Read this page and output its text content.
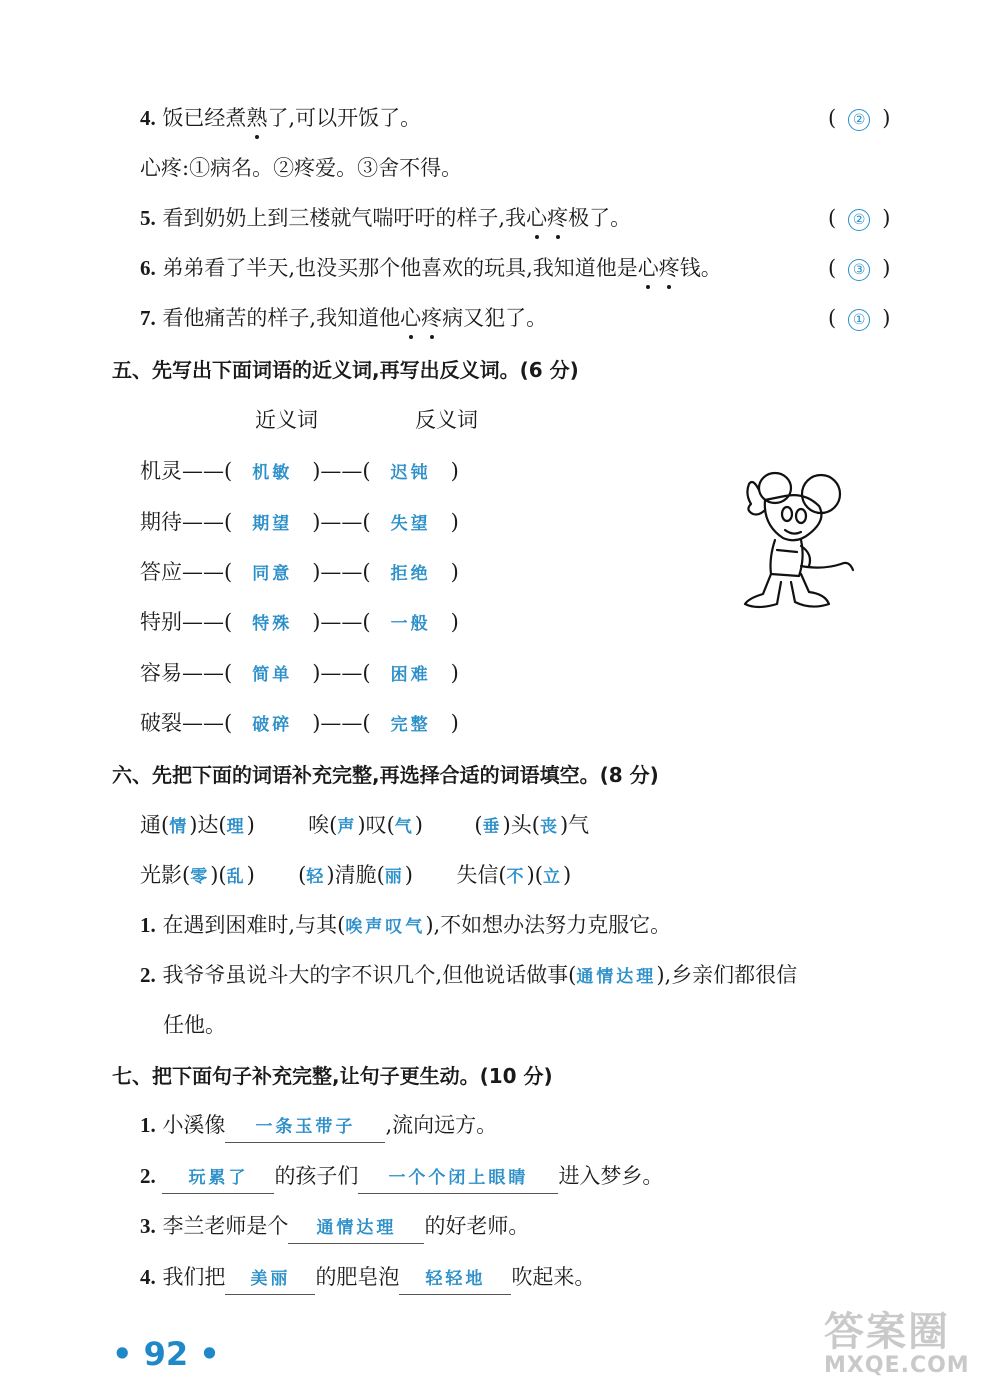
4. 饭已经煮熟了,可以开饭了。	( ② )
心疼:①病名。②疼爱。③舍不得。
5. 看到奶奶上到三楼就气喘吁吁的样子,我心疼极了。	( ② )
6. 弟弟看了半天,也没买那个他喜欢的玩具,我知道他是心疼钱。	( ③ )
7. 看他痛苦的样子,我知道他心疼病又犯了。	( ① )
五、先写出下面词语的近义词,再写出反义词。(6 分)
近义词	反义词
机灵——( 机敏 )——( 迟钝 )
期待——( 期望 )——( 失望 )
答应——( 同意 )——( 拒绝 )
特别——( 特殊 )——( 一般 )
容易——( 简单 )——( 困难 )
破裂——( 破碎 )——( 完整 )
六、先把下面的词语补充完整,再选择合适的词语填空。(8 分)
通(情)达(理)	唉(声)叹(气) (垂)头(丧)气
光影(零)(乱) (轻)清脆(丽) 失信(不)(立)
1. 在遇到困难时,与其(唉声叹气),不如想办法努力克服它。
2. 我爷爷虽说斗大的字不识几个,但他说话做事(通情达理),乡亲们都很信
任他。
七、把下面句子补充完整,让句子更生动。(10 分)
1. 小溪像 一条玉带子 ,流向远方。
2. 玩累了 的孩子们 一个个闭上眼睛 进入梦乡。
3. 李兰老师是个 通情达理 的好老师。
4. 我们把 美丽 的肥皂泡 轻轻地 吹起来。
• 92 •	答案圈
MXQE.COM
